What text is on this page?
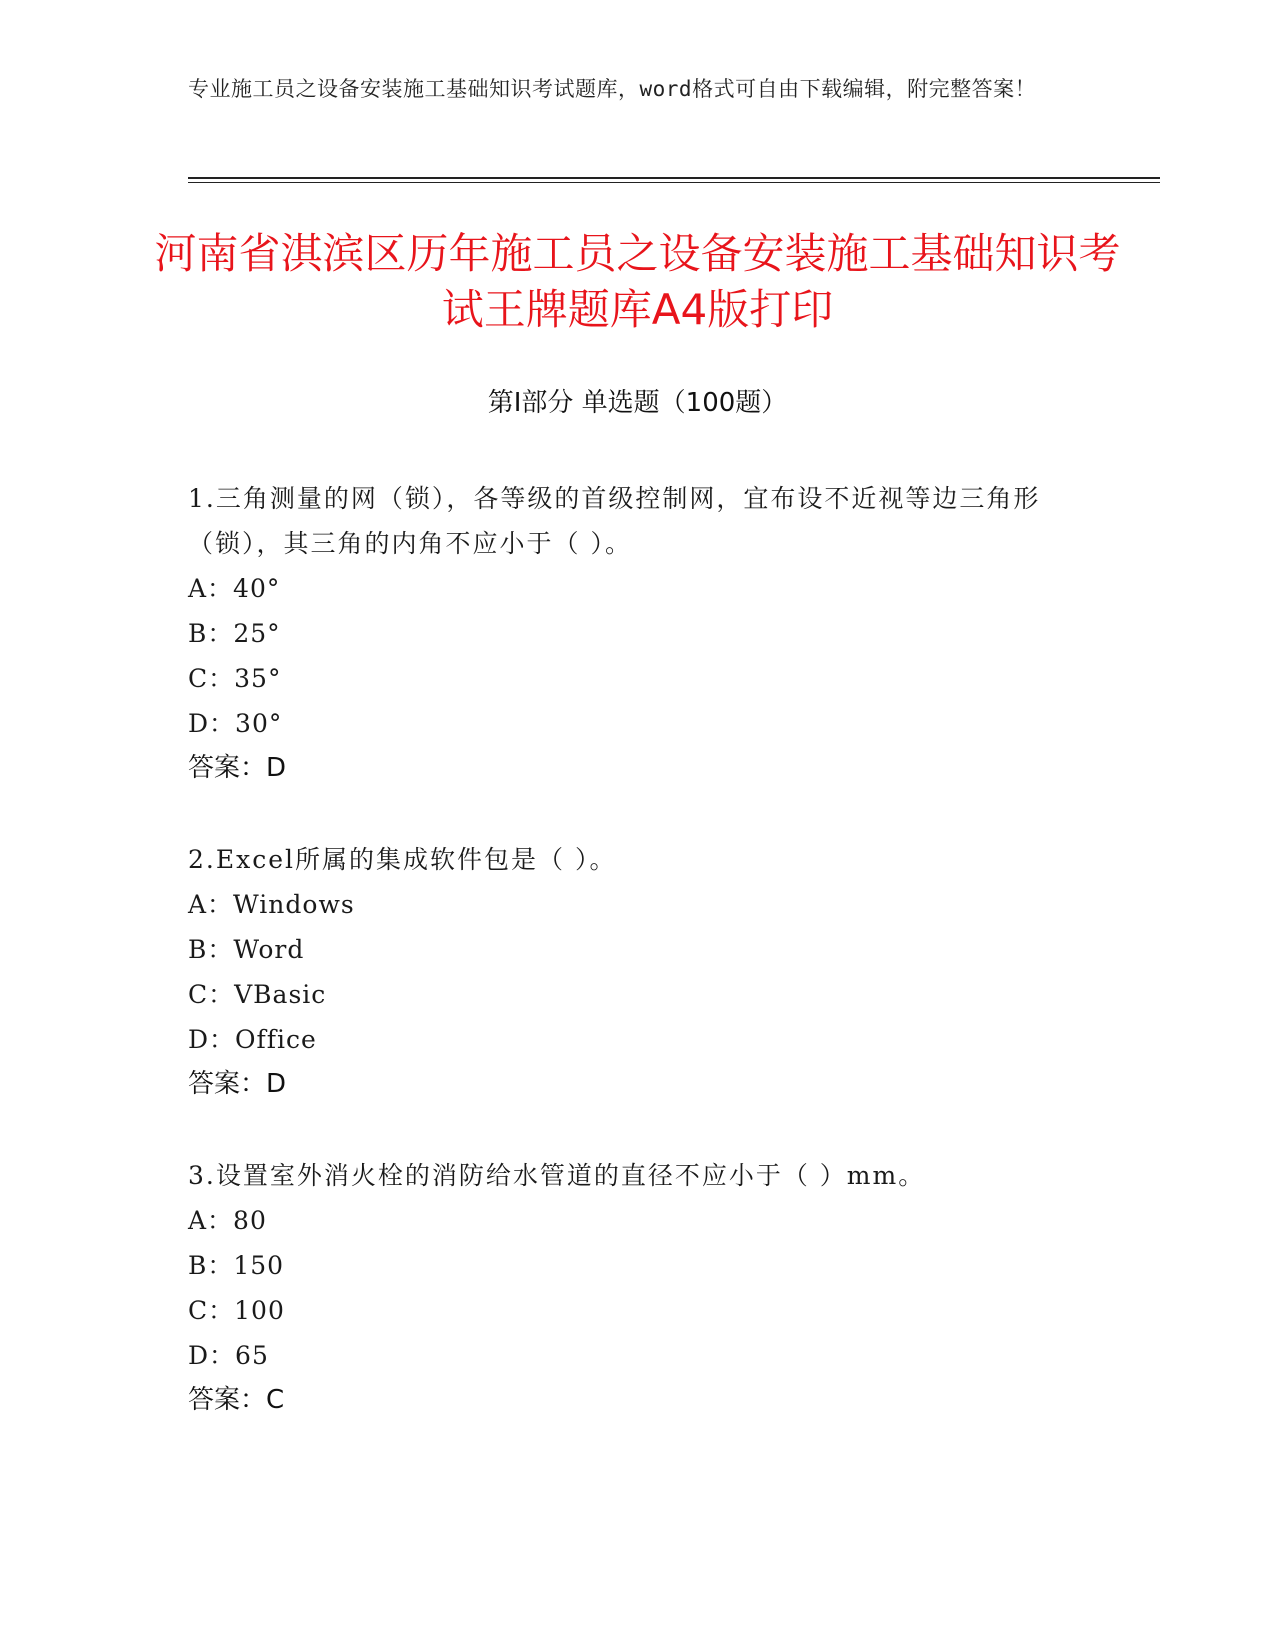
专业施工员之设备安装施工基础知识考试题库，word格式可自由下载编辑，附完整答案！
河南省淇滨区历年施工员之设备安装施工基础知识考试王牌题库A4版打印
第Ⅰ部分 单选题（100题）

1.三角测量的网（锁），各等级的首级控制网，宜布设不近视等边三角形（锁），其三角的内角不应小于（ ）。

A：40°

B：25°

C：35°

D：30°

答案：D

2.Excel所属的集成软件包是（ ）。

A：Windows

B：Word

C：VBasic

D：Office

答案：D

3.设置室外消火栓的消防给水管道的直径不应小于（ ）mm。

A：80

B：150

C：100

D：65

答案：C
